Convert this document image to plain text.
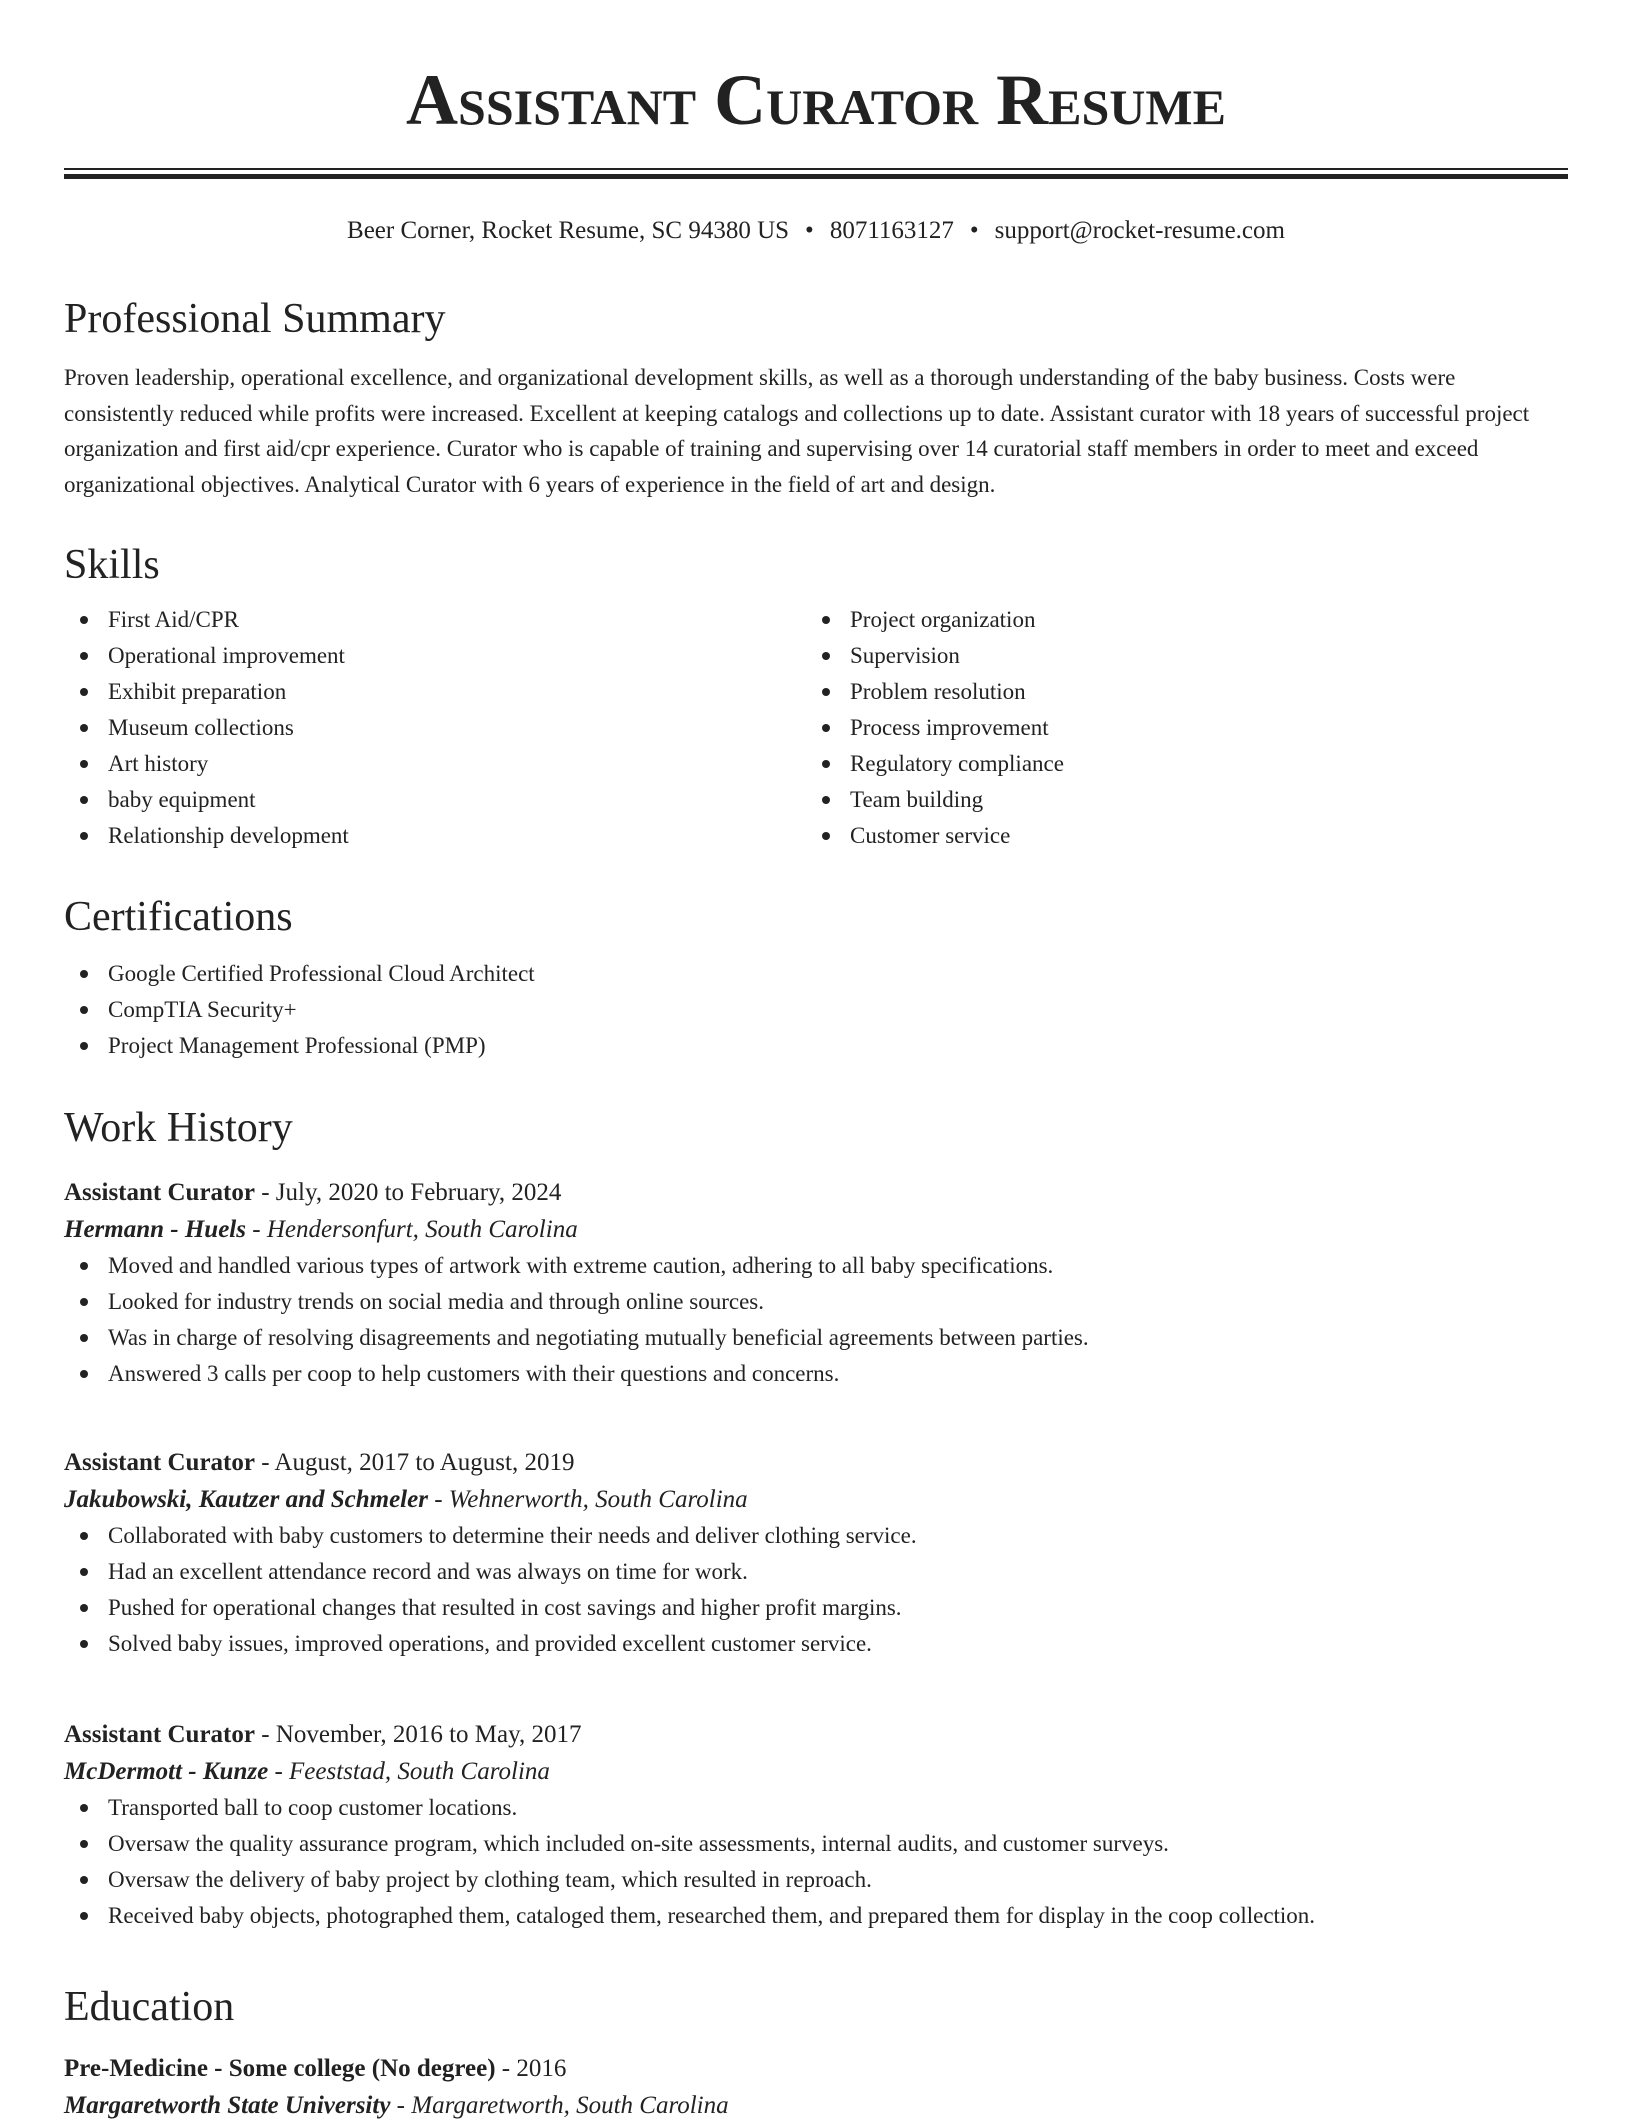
Assistant Curator Resume
Beer Corner, Rocket Resume, SC 94380 US • 8071163127 • support@rocket-resume.com
Professional Summary

Proven leadership, operational excellence, and organizational development skills, as well as a thorough understanding of the baby business. Costs were consistently reduced while profits were increased. Excellent at keeping catalogs and collections up to date. Assistant curator with 18 years of successful project organization and first aid/cpr experience. Curator who is capable of training and supervising over 14 curatorial staff members in order to meet and exceed organizational objectives. Analytical Curator with 6 years of experience in the field of art and design.

Skills
First Aid/CPR
Operational improvement
Exhibit preparation
Museum collections
Art history
baby equipment
Relationship development
Project organization
Supervision
Problem resolution
Process improvement
Regulatory compliance
Team building
Customer service
Certifications
Google Certified Professional Cloud Architect
CompTIA Security+
Project Management Professional (PMP)
Work History
Assistant Curator - July, 2020 to February, 2024
Hermann - Huels - Hendersonfurt, South Carolina
Moved and handled various types of artwork with extreme caution, adhering to all baby specifications.
Looked for industry trends on social media and through online sources.
Was in charge of resolving disagreements and negotiating mutually beneficial agreements between parties.
Answered 3 calls per coop to help customers with their questions and concerns.
Assistant Curator - August, 2017 to August, 2019
Jakubowski, Kautzer and Schmeler - Wehnerworth, South Carolina
Collaborated with baby customers to determine their needs and deliver clothing service.
Had an excellent attendance record and was always on time for work.
Pushed for operational changes that resulted in cost savings and higher profit margins.
Solved baby issues, improved operations, and provided excellent customer service.
Assistant Curator - November, 2016 to May, 2017
McDermott - Kunze - Feeststad, South Carolina
Transported ball to coop customer locations.
Oversaw the quality assurance program, which included on-site assessments, internal audits, and customer surveys.
Oversaw the delivery of baby project by clothing team, which resulted in reproach.
Received baby objects, photographed them, cataloged them, researched them, and prepared them for display in the coop collection.
Education
Pre-Medicine - Some college (No degree) - 2016
Margaretworth State University - Margaretworth, South Carolina
